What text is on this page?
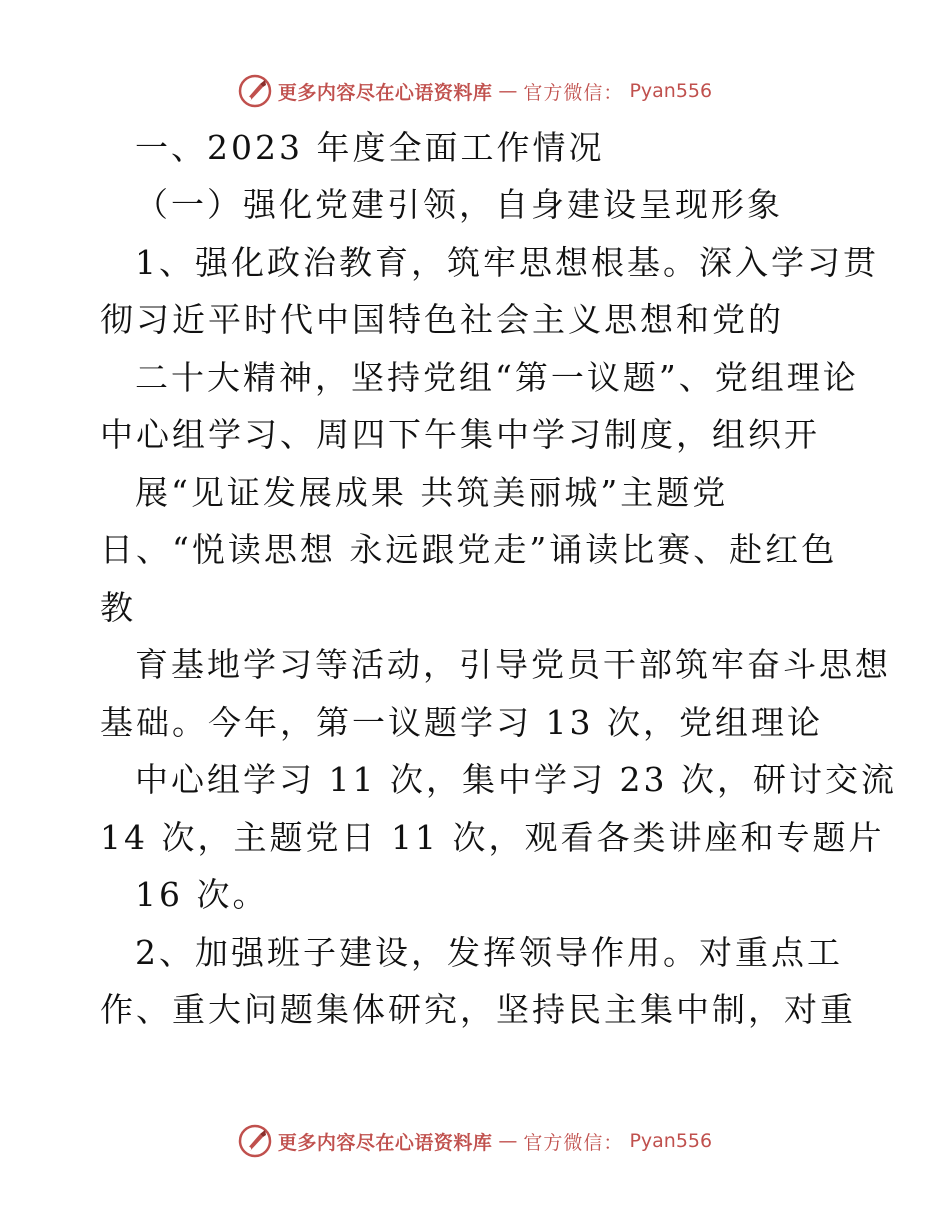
更多内容尽在心语资料库 — 官方微信： Pyan556
一、2023 年度全面工作情况
（一）强化党建引领，自身建设呈现形象
1、强化政治教育，筑牢思想根基。深入学习贯
彻习近平时代中国特色社会主义思想和党的
二十大精神，坚持党组“第一议题”、党组理论
中心组学习、周四下午集中学习制度，组织开
展“见证发展成果 共筑美丽城”主题党
日、“悦读思想 永远跟党走”诵读比赛、赴红色
教
育基地学习等活动，引导党员干部筑牢奋斗思想
基础。今年，第一议题学习 13 次，党组理论
中心组学习 11 次，集中学习 23 次，研讨交流
14 次，主题党日 11 次，观看各类讲座和专题片
16 次。
2、加强班子建设，发挥领导作用。对重点工
作、重大问题集体研究，坚持民主集中制，对重
更多内容尽在心语资料库 — 官方微信： Pyan556
